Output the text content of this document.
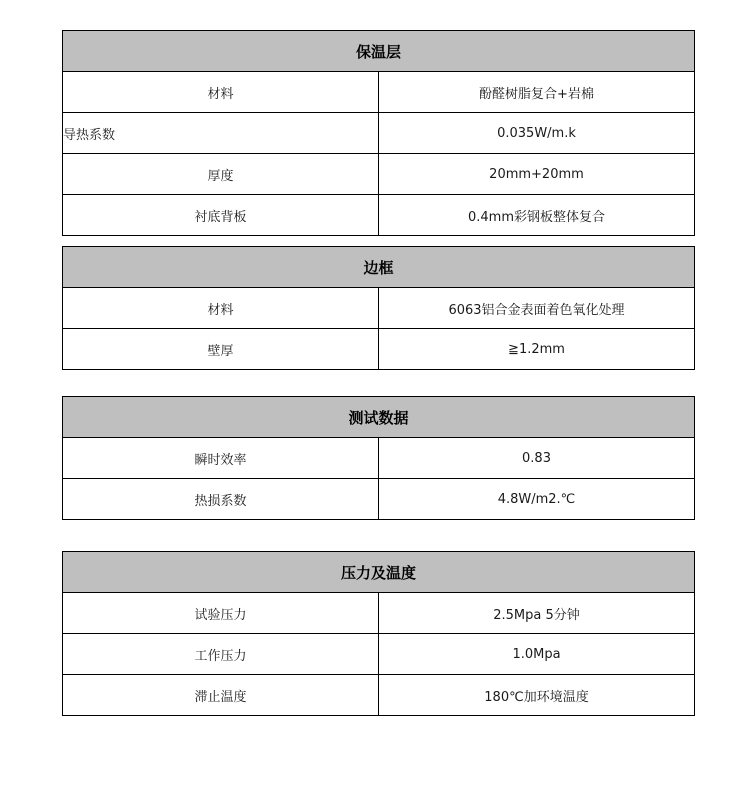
保温层	
材料	酚醛树脂复合+岩棉
导热系数	0.035W/m.k
厚度	20mm+20mm
衬底背板	0.4mm彩钢板整体复合
边框	
材料	6063铝合金表面着色氧化处理
壁厚	≧1.2mm
测试数据	
瞬时效率	0.83
热损系数	4.8W/m2.℃
压力及温度	
试验压力	2.5Mpa 5分钟
工作压力	1.0Mpa
滞止温度	180℃加环境温度
